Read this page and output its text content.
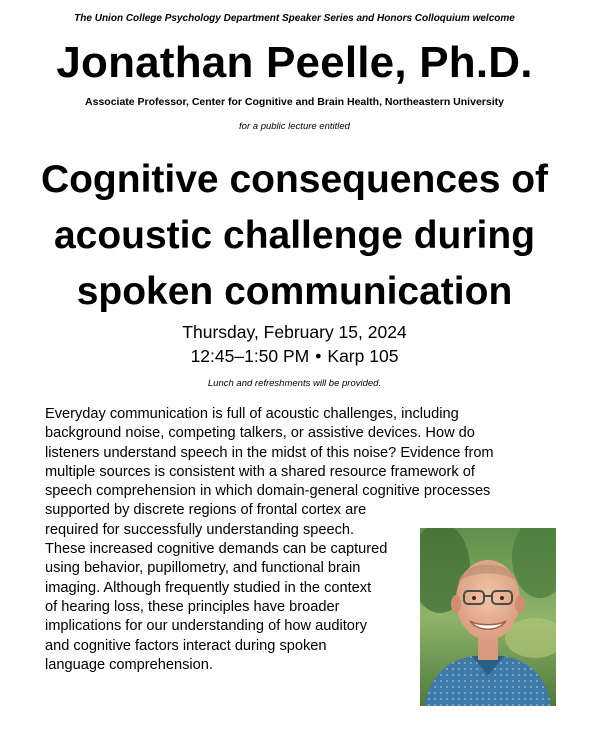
The Union College Psychology Department Speaker Series and Honors Colloquium welcome
Jonathan Peelle, Ph.D.
Associate Professor, Center for Cognitive and Brain Health, Northeastern University
for a public lecture entitled
Cognitive consequences of
acoustic challenge during
spoken communication
Thursday, February 15, 2024
12:45–1:50 PM • Karp 105
Lunch and refreshments will be provided.
Everyday communication is full of acoustic challenges, including
background noise, competing talkers, or assistive devices. How do
listeners understand speech in the midst of this noise? Evidence from
multiple sources is consistent with a shared resource framework of
speech comprehension in which domain-general cognitive processes
supported by discrete regions of frontal cortex are
required for successfully understanding speech.
These increased cognitive demands can be captured
using behavior, pupillometry, and functional brain
imaging. Although frequently studied in the context
of hearing loss, these principles have broader
implications for our understanding of how auditory
and cognitive factors interact during spoken
language comprehension.
